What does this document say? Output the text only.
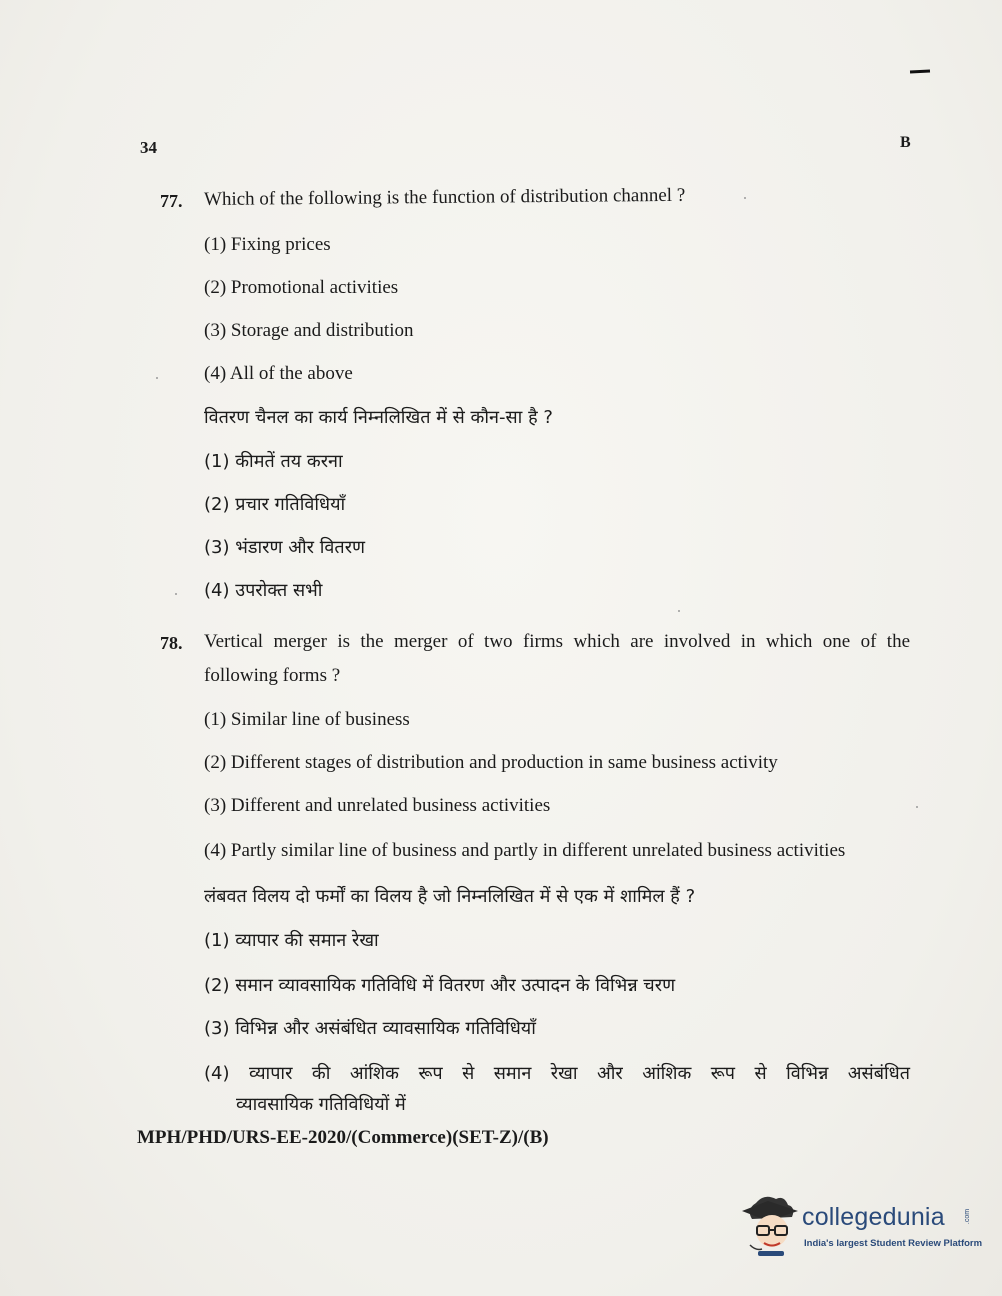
34	B
77. Which of the following is the function of distribution channel ?
(1) Fixing prices
(2) Promotional activities
(3) Storage and distribution
(4) All of the above
वितरण चैनल का कार्य निम्नलिखित में से कौन-सा है ?
(1) कीमतें तय करना
(2) प्रचार गतिविधियाँ
(3) भंडारण और वितरण
(4) उपरोक्त सभी
78. Vertical merger is the merger of two firms which are involved in which one of the
following forms ?
(1) Similar line of business
(2) Different stages of distribution and production in same business activity
(3) Different and unrelated business activities
(4) Partly similar line of business and partly in different unrelated business activities
लंबवत विलय दो फर्मों का विलय है जो निम्नलिखित में से एक में शामिल हैं ?
(1) व्यापार की समान रेखा
(2) समान व्यावसायिक गतिविधि में वितरण और उत्पादन के विभिन्न चरण
(3) विभिन्न और असंबंधित व्यावसायिक गतिविधियाँ
(4) व्यापार की आंशिक रूप से समान रेखा और आंशिक रूप से विभिन्न असंबंधित
व्यावसायिक गतिविधियों में
MPH/PHD/URS-EE-2020/(Commerce)(SET-Z)/(B)
collegedunia	.com
India's largest Student Review Platform
